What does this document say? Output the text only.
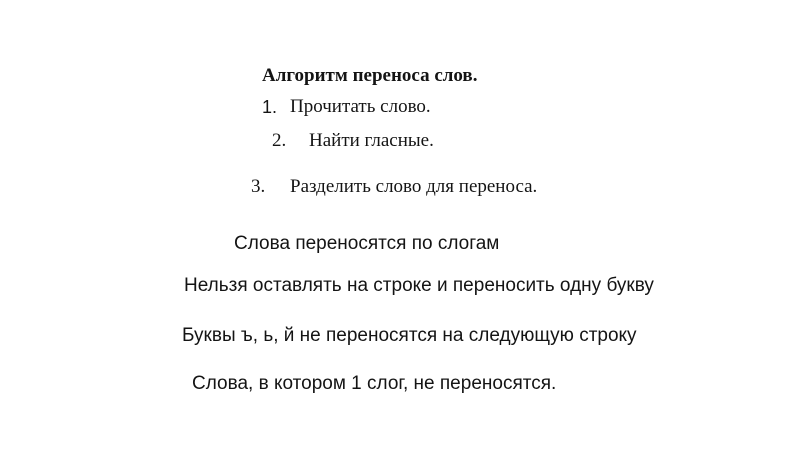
Алгоритм переноса слов.
1. Прочитать слово.
2. Найти гласные.
3. Разделить слово для переноса.
Слова переносятся по слогам
Нельзя оставлять на строке и переносить одну букву
Буквы ъ, ь, й не переносятся на следующую строку
Слова, в котором 1 слог, не переносятся.
